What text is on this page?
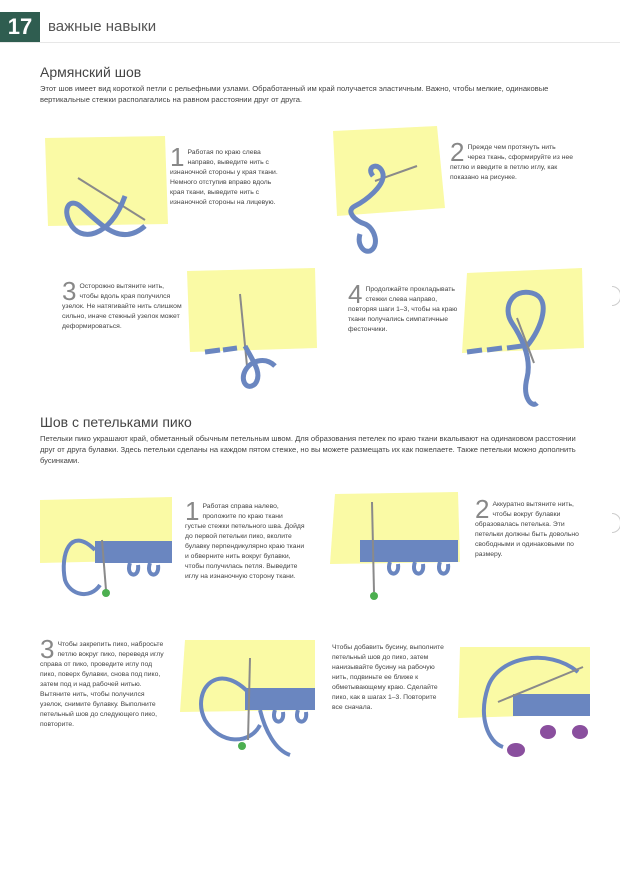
17	важные навыки
Армянский шов
Этот шов имеет вид короткой петли с рельефными узлами. Обработанный им край получается эластичным. Важно, чтобы мелкие, одинаковые вертикальные стежки располагались на равном расстоянии друг от друга.
1 Работая по краю слева направо, выведите нить с изнаночной стороны у края ткани. Немного отступив вправо вдоль края ткани, выведите нить с изнаночной стороны на лицевую.
2 Прежде чем протянуть нить через ткань, сформируйте из нее петлю и введите в петлю иглу, как показано на рисунке.
3 Осторожно вытяните нить, чтобы вдоль края получился узелок. Не натягивайте нить слишком сильно, иначе стежный узелок может деформироваться.
4 Продолжайте прокладывать стежки слева направо, повторяя шаги 1–3, чтобы на краю ткани получались симпатичные фестончики.
Шов с петельками пико
Петельки пико украшают край, обметанный обычным петельным швом. Для образования петелек по краю ткани вкалывают на одинаковом расстоянии друг от друга булавки. Здесь петельки сделаны на каждом пятом стежке, но вы можете размещать их как пожелаете. Также петельки можно дополнить бусинками.
1 Работая справа налево, проложите по краю ткани густые стежки петельного шва. Дойдя до первой петельки пико, вколите булавку перпендикулярно краю ткани и обверните нить вокруг булавки, чтобы получилась петля. Выведите иглу на изнаночную сторону ткани.
2 Аккуратно вытяните нить, чтобы вокруг булавки образовалась петелька. Эти петельки должны быть довольно свободными и одинаковыми по размеру.
3 Чтобы закрепить пико, набросьте петлю вокруг пико, переведя иглу справа от пико, проведите иглу под пико, поверх булавки, снова под пико, затем под и над рабочей нитью. Вытяните нить, чтобы получился узелок, снимите булавку. Выполните петельный шов до следующего пико, повторите.
Чтобы добавить бусину, выполните петельный шов до пико, затем нанизывайте бусину на рабочую нить, подвиньте ее ближе к обметывающему краю. Сделайте пико, как в шагах 1–3. Повторите все сначала.
